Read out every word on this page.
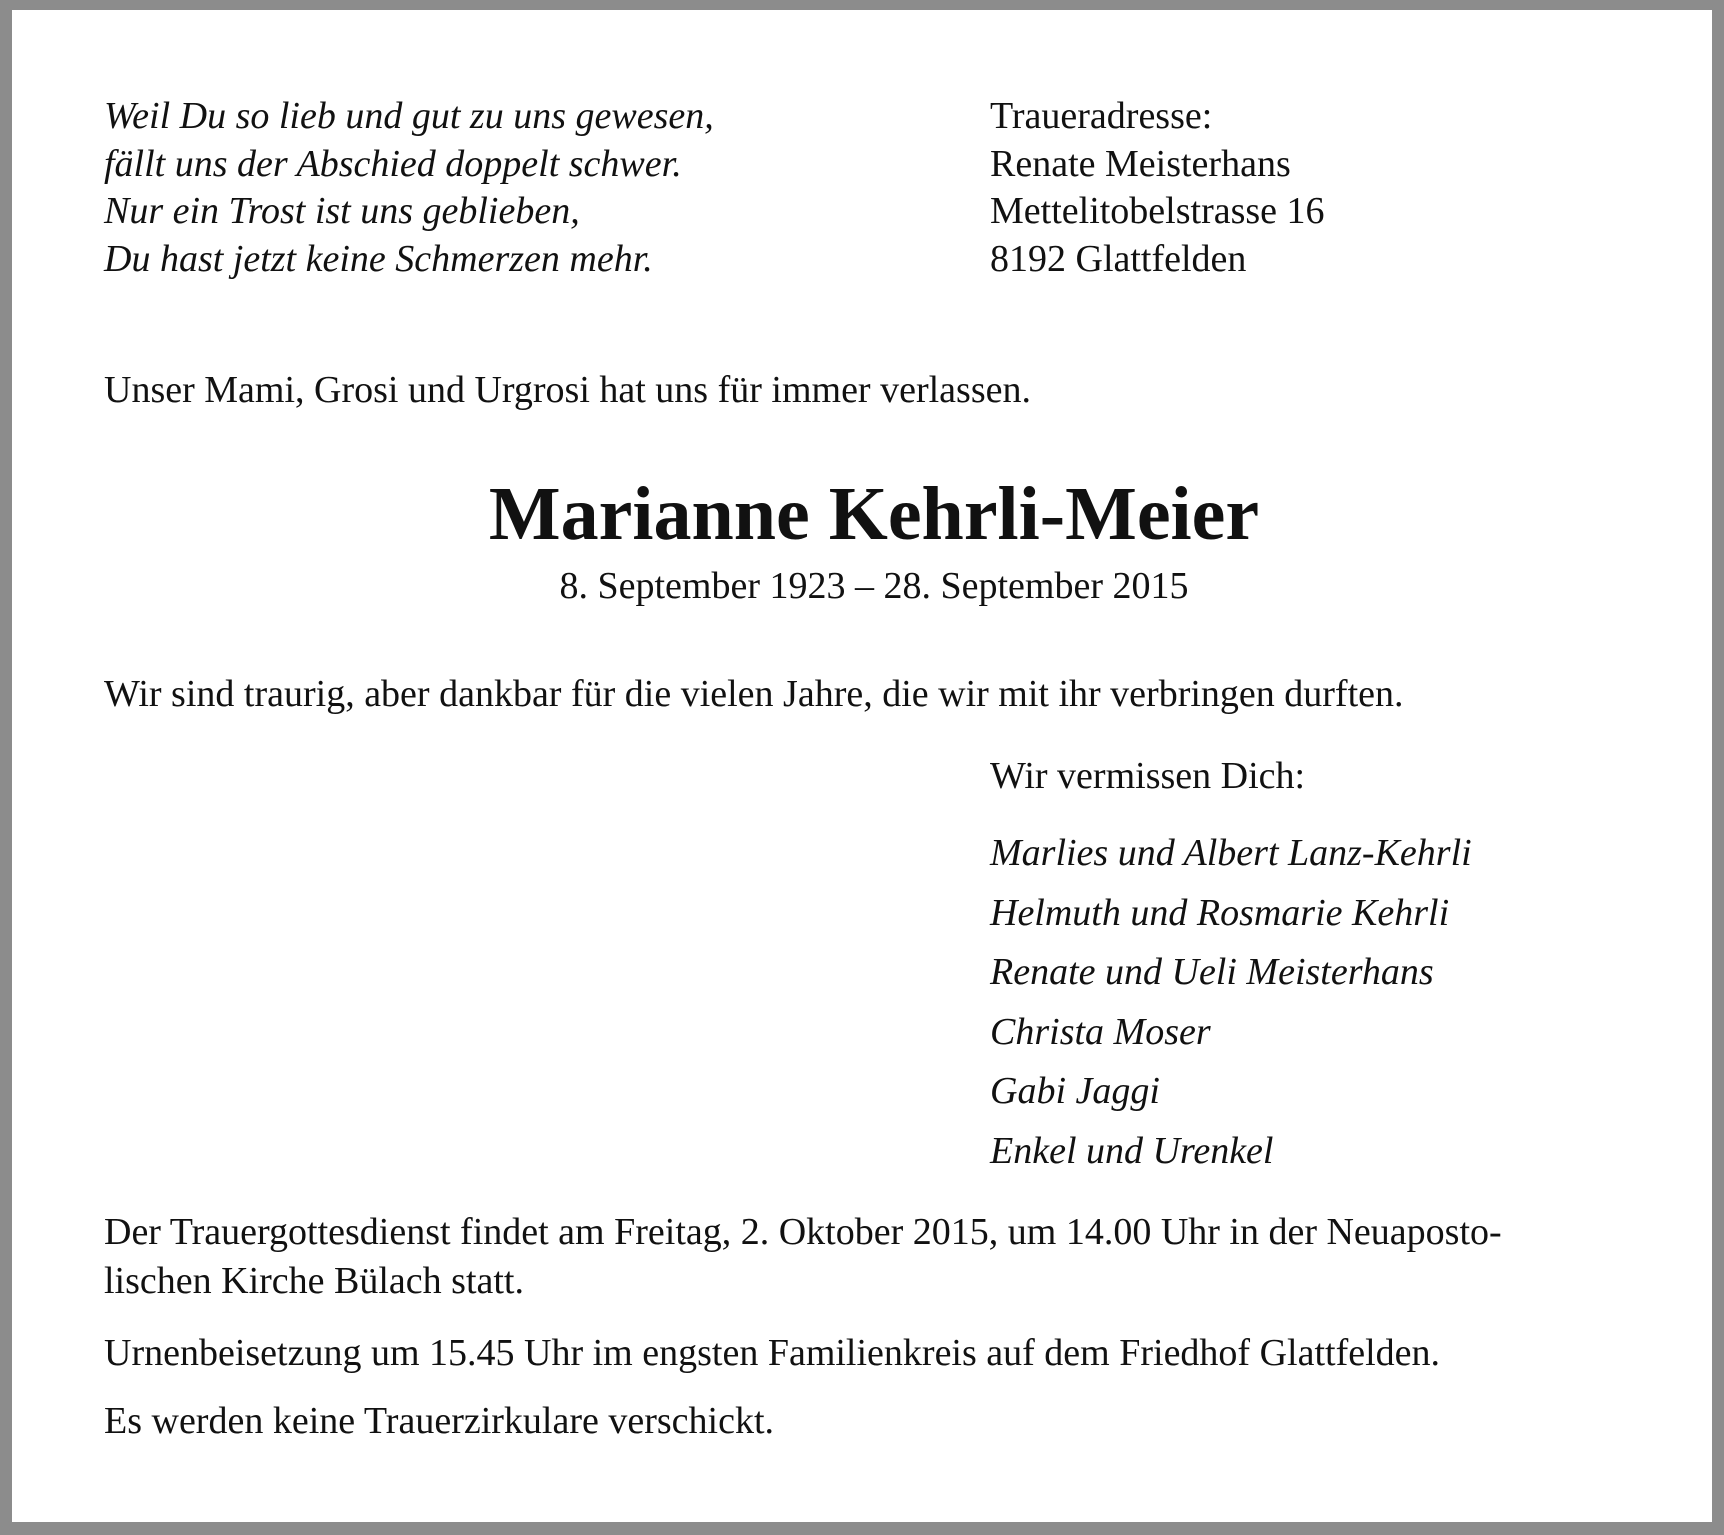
Weil Du so lieb und gut zu uns gewesen,
fällt uns der Abschied doppelt schwer.
Nur ein Trost ist uns geblieben,
Du hast jetzt keine Schmerzen mehr.
Traueradresse:
Renate Meisterhans
Mettelitobelstrasse 16
8192 Glattfelden
Unser Mami, Grosi und Urgrosi hat uns für immer verlassen.
Marianne Kehrli-Meier
8. September 1923 – 28. September 2015
Wir sind traurig, aber dankbar für die vielen Jahre, die wir mit ihr verbringen durften.
Wir vermissen Dich:
Marlies und Albert Lanz-Kehrli
Helmuth und Rosmarie Kehrli
Renate und Ueli Meisterhans
Christa Moser
Gabi Jaggi
Enkel und Urenkel
Der Trauergottesdienst findet am Freitag, 2. Oktober 2015, um 14.00 Uhr in der Neuaposto-
lischen Kirche Bülach statt.
Urnenbeisetzung um 15.45 Uhr im engsten Familienkreis auf dem Friedhof Glattfelden.
Es werden keine Trauerzirkulare verschickt.
